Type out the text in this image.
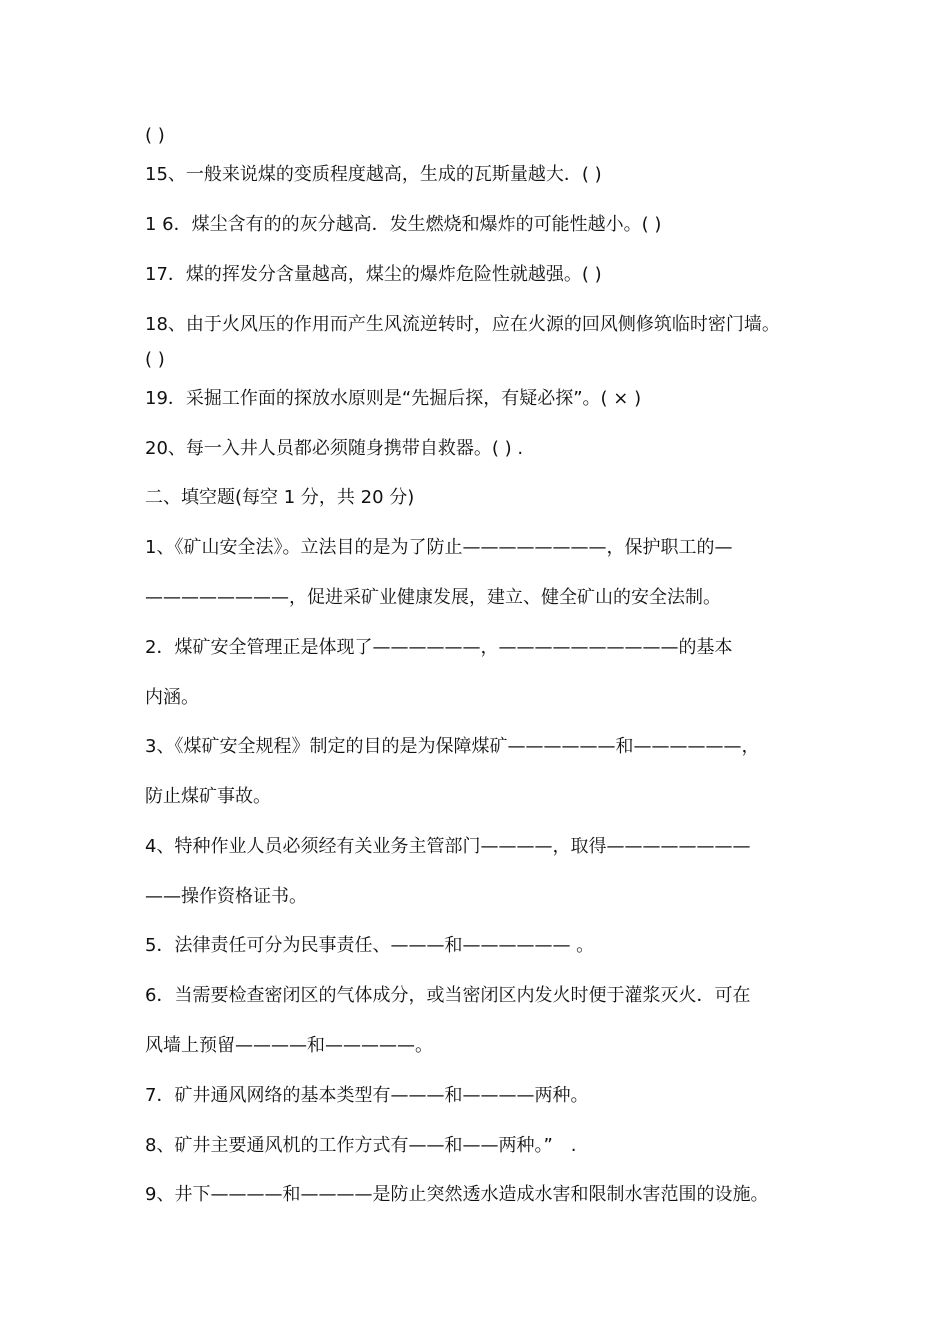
( )
15、一般来说煤的变质程度越高，生成的瓦斯量越大．( )
1 6．煤尘含有的的灰分越高．发生燃烧和爆炸的可能性越小。( )
17．煤的挥发分含量越高，煤尘的爆炸危险性就越强。( )
18、由于火风压的作用而产生风流逆转时，应在火源的回风侧修筑临时密门墙。
( )
19．采掘工作面的探放水原则是“先掘后探，有疑必探”。( × )
20、每一入井人员都必须随身携带自救器。( ) .
二、填空题(每空 1 分，共 20 分)
1、《矿山安全法》。立法目的是为了防止————————，保护职工的—
————————，促进采矿业健康发展，建立、健全矿山的安全法制。
2．煤矿安全管理正是体现了——————，——————————的基本
内涵。
3、《煤矿安全规程》制定的目的是为保障煤矿——————和——————，
防止煤矿事故。
4、特种作业人员必须经有关业务主管部门————，取得————————
——操作资格证书。
5．法律责任可分为民事责任、———和—————— 。
6．当需要检查密闭区的气体成分，或当密闭区内发火时便于灌浆灭火．可在
风墙上预留————和—————。
7．矿井通风网络的基本类型有———和————两种。
8、矿井主要通风机的工作方式有——和——两种。”　.
9、井下————和————是防止突然透水造成水害和限制水害范围的设施。
